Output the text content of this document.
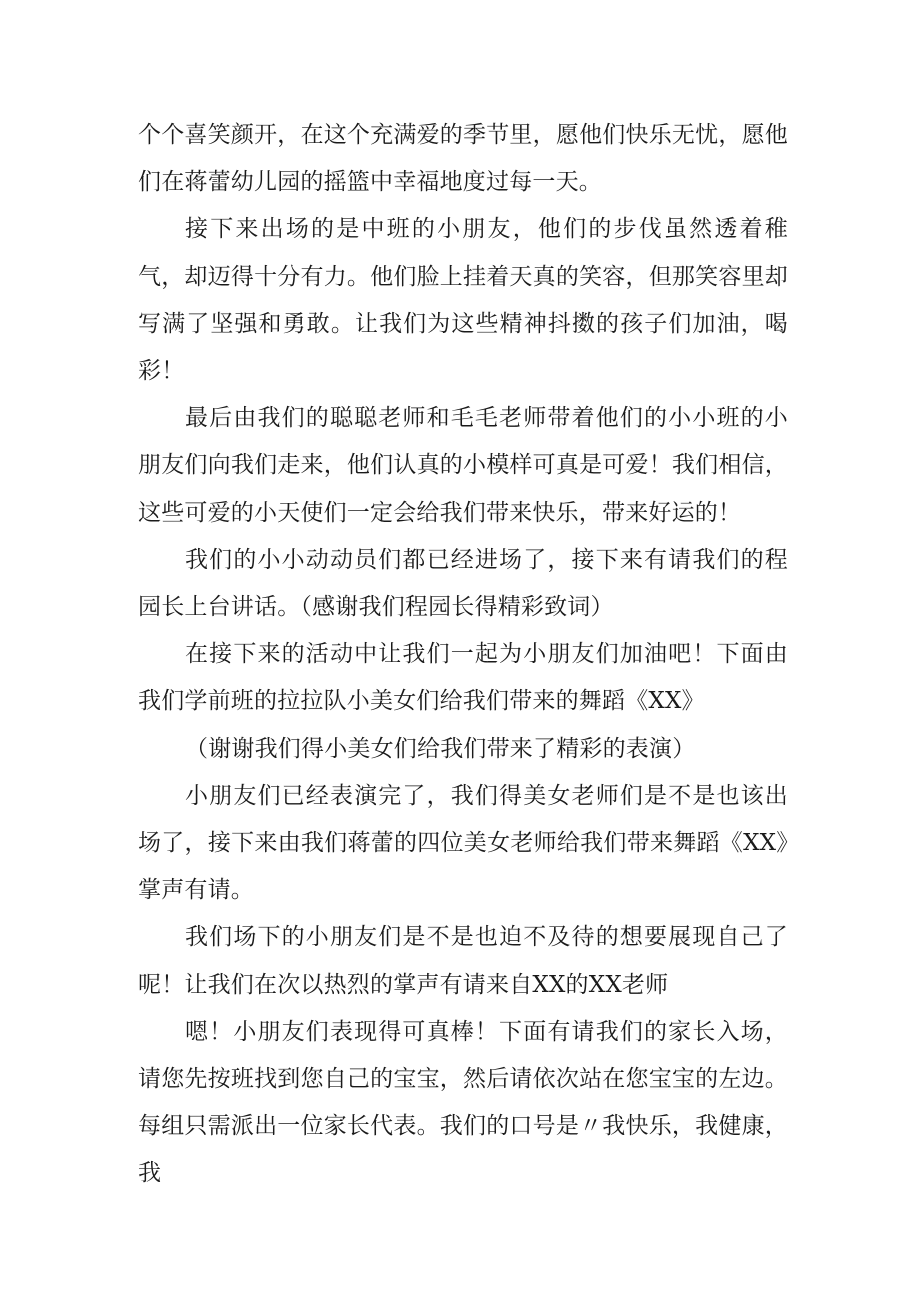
个个喜笑颜开，在这个充满爱的季节里，愿他们快乐无忧，愿他们在蒋蕾幼儿园的摇篮中幸福地度过每一天。

接下来出场的是中班的小朋友，他们的步伐虽然透着稚气，却迈得十分有力。他们脸上挂着天真的笑容，但那笑容里却写满了坚强和勇敢。让我们为这些精神抖擞的孩子们加油，喝彩！

最后由我们的聪聪老师和毛毛老师带着他们的小小班的小朋友们向我们走来，他们认真的小模样可真是可爱！我们相信，这些可爱的小天使们一定会给我们带来快乐，带来好运的！

我们的小小动动员们都已经进场了，接下来有请我们的程园长上台讲话。（感谢我们程园长得精彩致词）

在接下来的活动中让我们一起为小朋友们加油吧！下面由我们学前班的拉拉队小美女们给我们带来的舞蹈《XX》

（谢谢我们得小美女们给我们带来了精彩的表演）

小朋友们已经表演完了，我们得美女老师们是不是也该出场了，接下来由我们蒋蕾的四位美女老师给我们带来舞蹈《XX》掌声有请。

我们场下的小朋友们是不是也迫不及待的想要展现自己了呢！让我们在次以热烈的掌声有请来自XX的XX老师

嗯！小朋友们表现得可真棒！下面有请我们的家长入场，请您先按班找到您自己的宝宝，然后请依次站在您宝宝的左边。每组只需派出一位家长代表。我们的口号是〃我快乐，我健康，我
